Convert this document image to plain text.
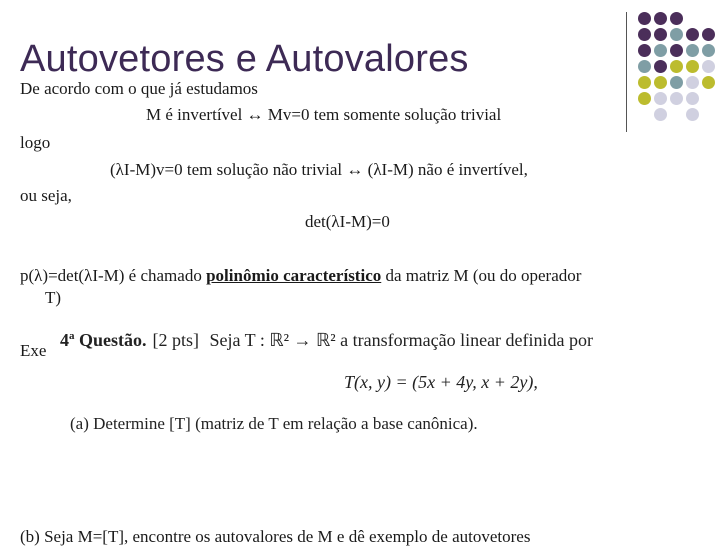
Autovetores e Autovalores
De acordo com o que já estudamos
M é invertível ↔ Mv=0 tem somente solução trivial
logo
(λI-M)v=0 tem solução não trivial ↔ (λI-M) não é invertível,
ou seja,
det(λI-M)=0
p(λ)=det(λI-M) é chamado polinômio característico da matriz M (ou do operador
T)
Exe
4$^a$ Questão. [2 pts] Seja T : ℝ² → ℝ² a transformação linear definida por
T(x, y) = (5x + 4y, x + 2y),
(a) Determine [T] (matriz de T em relação a base canônica).
(b) Seja M=[T], encontre os autovalores de M e dê exemplo de autovetores
